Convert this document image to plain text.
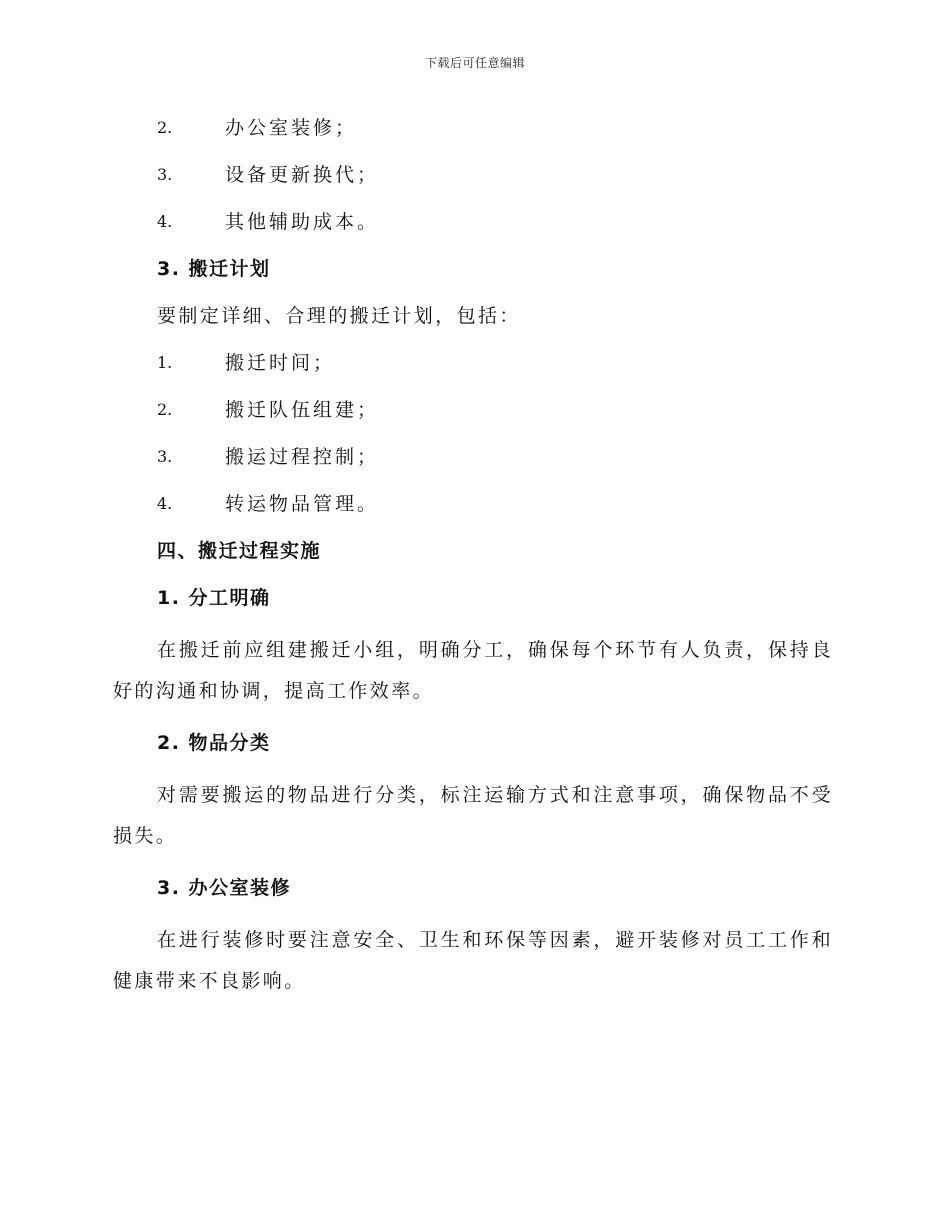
下载后可任意编辑
2.	办公室装修；
3.	设备更新换代；
4.	其他辅助成本。
3. 搬迁计划

要制定详细、合理的搬迁计划，包括：

1.	搬迁时间；
2.	搬迁队伍组建；
3.	搬运过程控制；
4.	转运物品管理。
四、搬迁过程实施
1. 分工明确

在搬迁前应组建搬迁小组，明确分工，确保每个环节有人负责，保持良好的沟通和协调，提高工作效率。

2. 物品分类

对需要搬运的物品进行分类，标注运输方式和注意事项，确保物品不受损失。

3. 办公室装修

在进行装修时要注意安全、卫生和环保等因素，避开装修对员工工作和健康带来不良影响。
